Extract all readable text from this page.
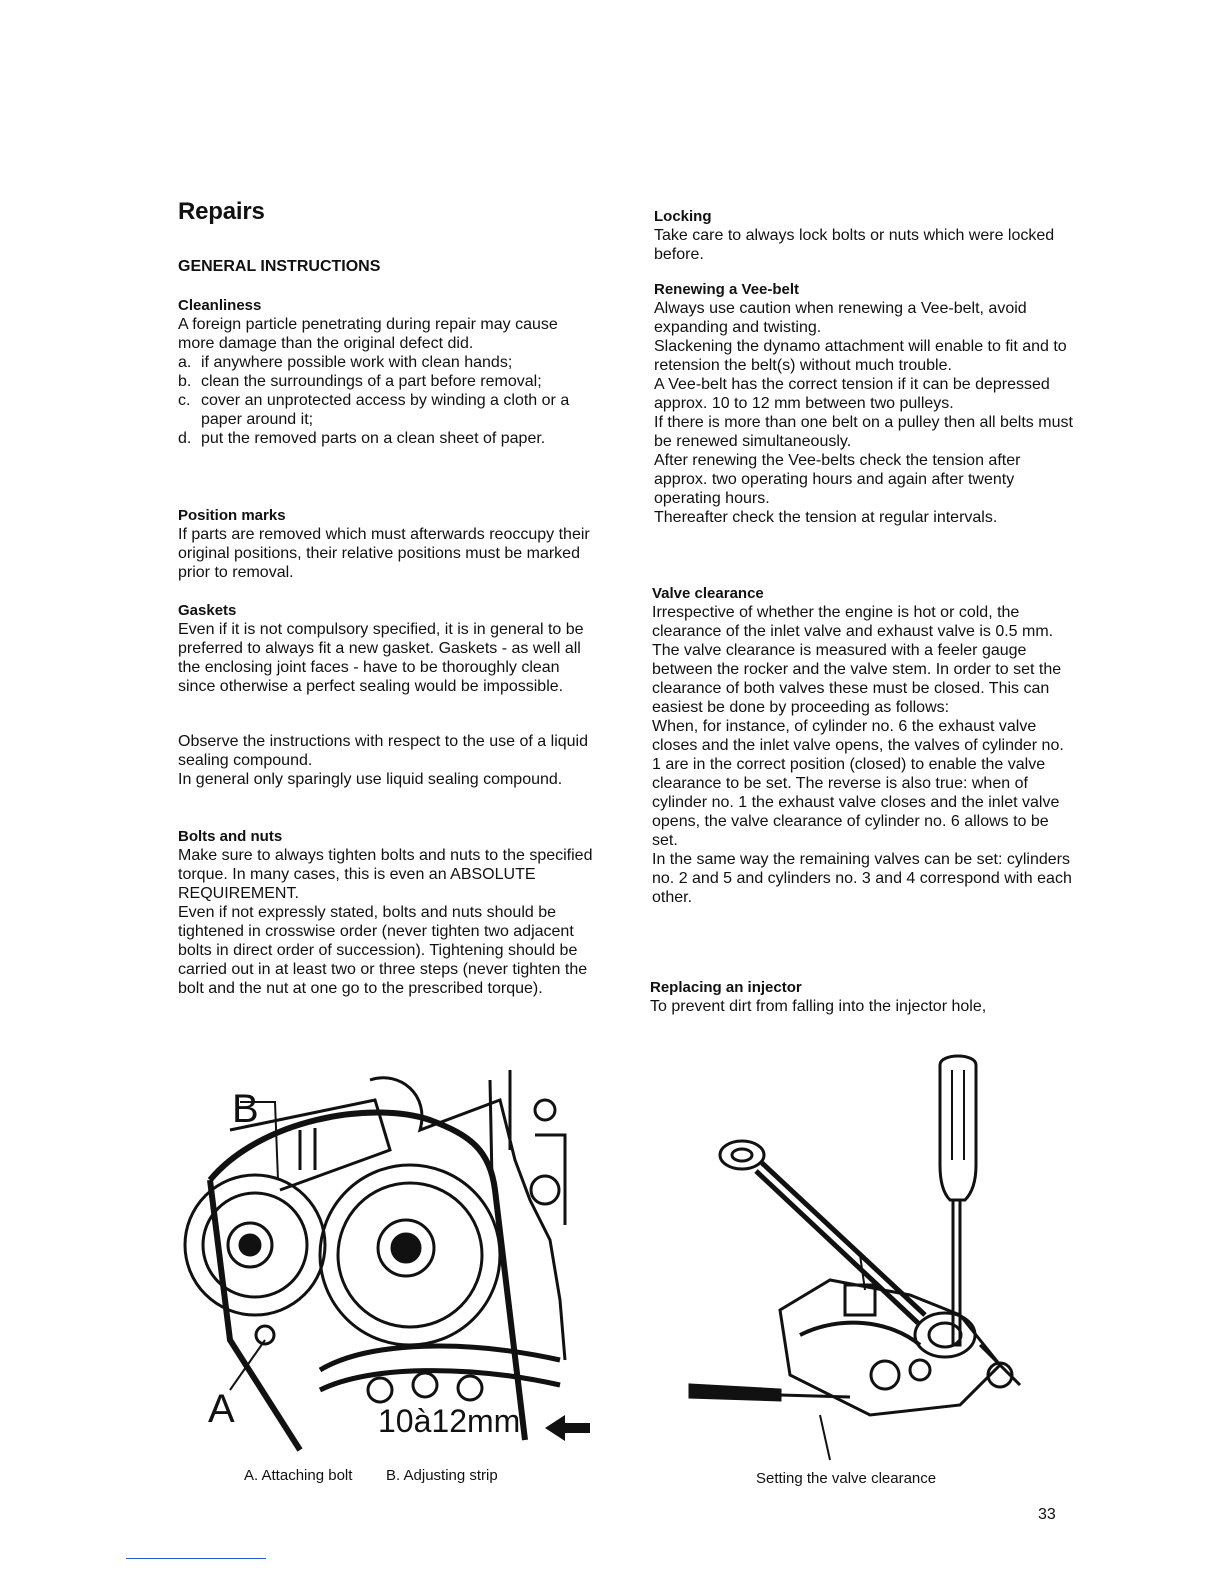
Repairs
GENERAL INSTRUCTIONS
Cleanliness

A foreign particle penetrating during repair may cause more damage than the original defect did.

a. if anywhere possible work with clean hands;
b. clean the surroundings of a part before removal;
c. cover an unprotected access by winding a cloth or a paper around it;
d. put the removed parts on a clean sheet of paper.
Position marks

If parts are removed which must afterwards reoccupy their original positions, their relative positions must be marked prior to removal.

Gaskets

Even if it is not compulsory specified, it is in general to be preferred to always fit a new gasket. Gaskets - as well all the enclosing joint faces - have to be thoroughly clean since otherwise a perfect sealing would be impossible.

Observe the instructions with respect to the use of a liquid sealing compound.

In general only sparingly use liquid sealing compound.

Bolts and nuts

Make sure to always tighten bolts and nuts to the specified torque. In many cases, this is even an ABSOLUTE REQUIREMENT.

Even if not expressly stated, bolts and nuts should be tightened in crosswise order (never tighten two adjacent bolts in direct order of succession). Tightening should be carried out in at least two or three steps (never tighten the bolt and the nut at one go to the prescribed torque).

Locking

Take care to always lock bolts or nuts which were locked before.

Renewing a Vee-belt

Always use caution when renewing a Vee-belt, avoid expanding and twisting.

Slackening the dynamo attachment will enable to fit and to retension the belt(s) without much trouble.

A Vee-belt has the correct tension if it can be depressed approx. 10 to 12 mm between two pulleys.

If there is more than one belt on a pulley then all belts must be renewed simultaneously.

After renewing the Vee-belts check the tension after approx. two operating hours and again after twenty operating hours.

Thereafter check the tension at regular intervals.

Valve clearance

Irrespective of whether the engine is hot or cold, the clearance of the inlet valve and exhaust valve is 0.5 mm.

The valve clearance is measured with a feeler gauge between the rocker and the valve stem. In order to set the clearance of both valves these must be closed. This can easiest be done by proceeding as follows:

When, for instance, of cylinder no. 6 the exhaust valve closes and the inlet valve opens, the valves of cylinder no. 1 are in the correct position (closed) to enable the valve clearance to be set. The reverse is also true: when of cylinder no. 1 the exhaust valve closes and the inlet valve opens, the valve clearance of cylinder no. 6 allows to be set.

In the same way the remaining valves can be set: cylinders no. 2 and 5 and cylinders no. 3 and 4 correspond with each other.

Replacing an injector

To prevent dirt from falling into the injector hole,

A
B
10à12mm
A. Attaching bolt B. Adjusting strip	Setting the valve clearance
33
